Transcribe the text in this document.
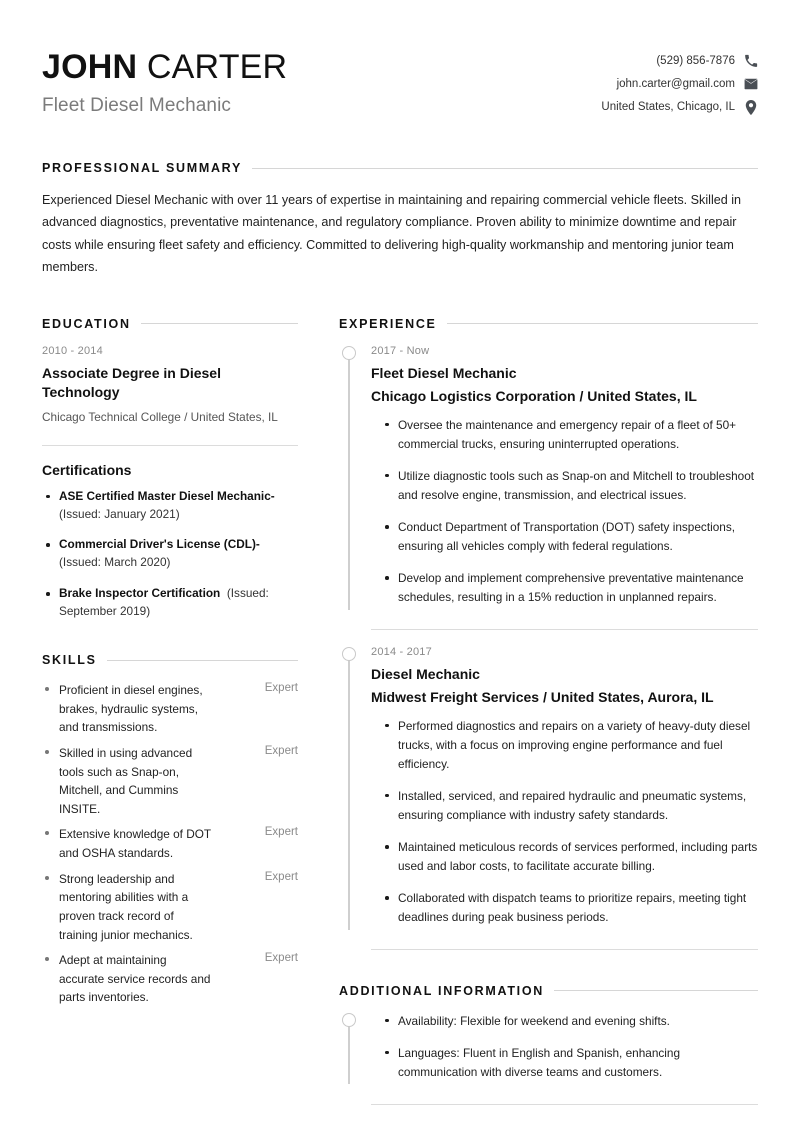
JOHN CARTER
Fleet Diesel Mechanic
(529) 856-7876
john.carter@gmail.com
United States, Chicago, IL
PROFESSIONAL SUMMARY

Experienced Diesel Mechanic with over 11 years of expertise in maintaining and repairing commercial vehicle fleets. Skilled in advanced diagnostics, preventative maintenance, and regulatory compliance. Proven ability to minimize downtime and repair costs while ensuring fleet safety and efficiency. Committed to delivering high-quality workmanship and mentoring junior team members.

EDUCATION
2010 - 2014
Associate Degree in Diesel Technology
Chicago Technical College / United States, IL
Certifications
ASE Certified Master Diesel Mechanic- (Issued: January 2021)
Commercial Driver's License (CDL)- (Issued: March 2020)
Brake Inspector Certification (Issued: September 2019)
SKILLS
Proficient in diesel engines, brakes, hydraulic systems, and transmissions.
Expert
Skilled in using advanced tools such as Snap-on, Mitchell, and Cummins INSITE.
Expert
Extensive knowledge of DOT and OSHA standards.
Expert
Strong leadership and mentoring abilities with a proven track record of training junior mechanics.
Expert
Adept at maintaining accurate service records and parts inventories.
Expert
EXPERIENCE
2017 - Now
Fleet Diesel Mechanic
Chicago Logistics Corporation / United States, IL
Oversee the maintenance and emergency repair of a fleet of 50+ commercial trucks, ensuring uninterrupted operations.
Utilize diagnostic tools such as Snap-on and Mitchell to troubleshoot and resolve engine, transmission, and electrical issues.
Conduct Department of Transportation (DOT) safety inspections, ensuring all vehicles comply with federal regulations.
Develop and implement comprehensive preventative maintenance schedules, resulting in a 15% reduction in unplanned repairs.
2014 - 2017
Diesel Mechanic
Midwest Freight Services / United States, Aurora, IL
Performed diagnostics and repairs on a variety of heavy-duty diesel trucks, with a focus on improving engine performance and fuel efficiency.
Installed, serviced, and repaired hydraulic and pneumatic systems, ensuring compliance with industry safety standards.
Maintained meticulous records of services performed, including parts used and labor costs, to facilitate accurate billing.
Collaborated with dispatch teams to prioritize repairs, meeting tight deadlines during peak business periods.
ADDITIONAL INFORMATION
Availability: Flexible for weekend and evening shifts.
Languages: Fluent in English and Spanish, enhancing communication with diverse teams and customers.
